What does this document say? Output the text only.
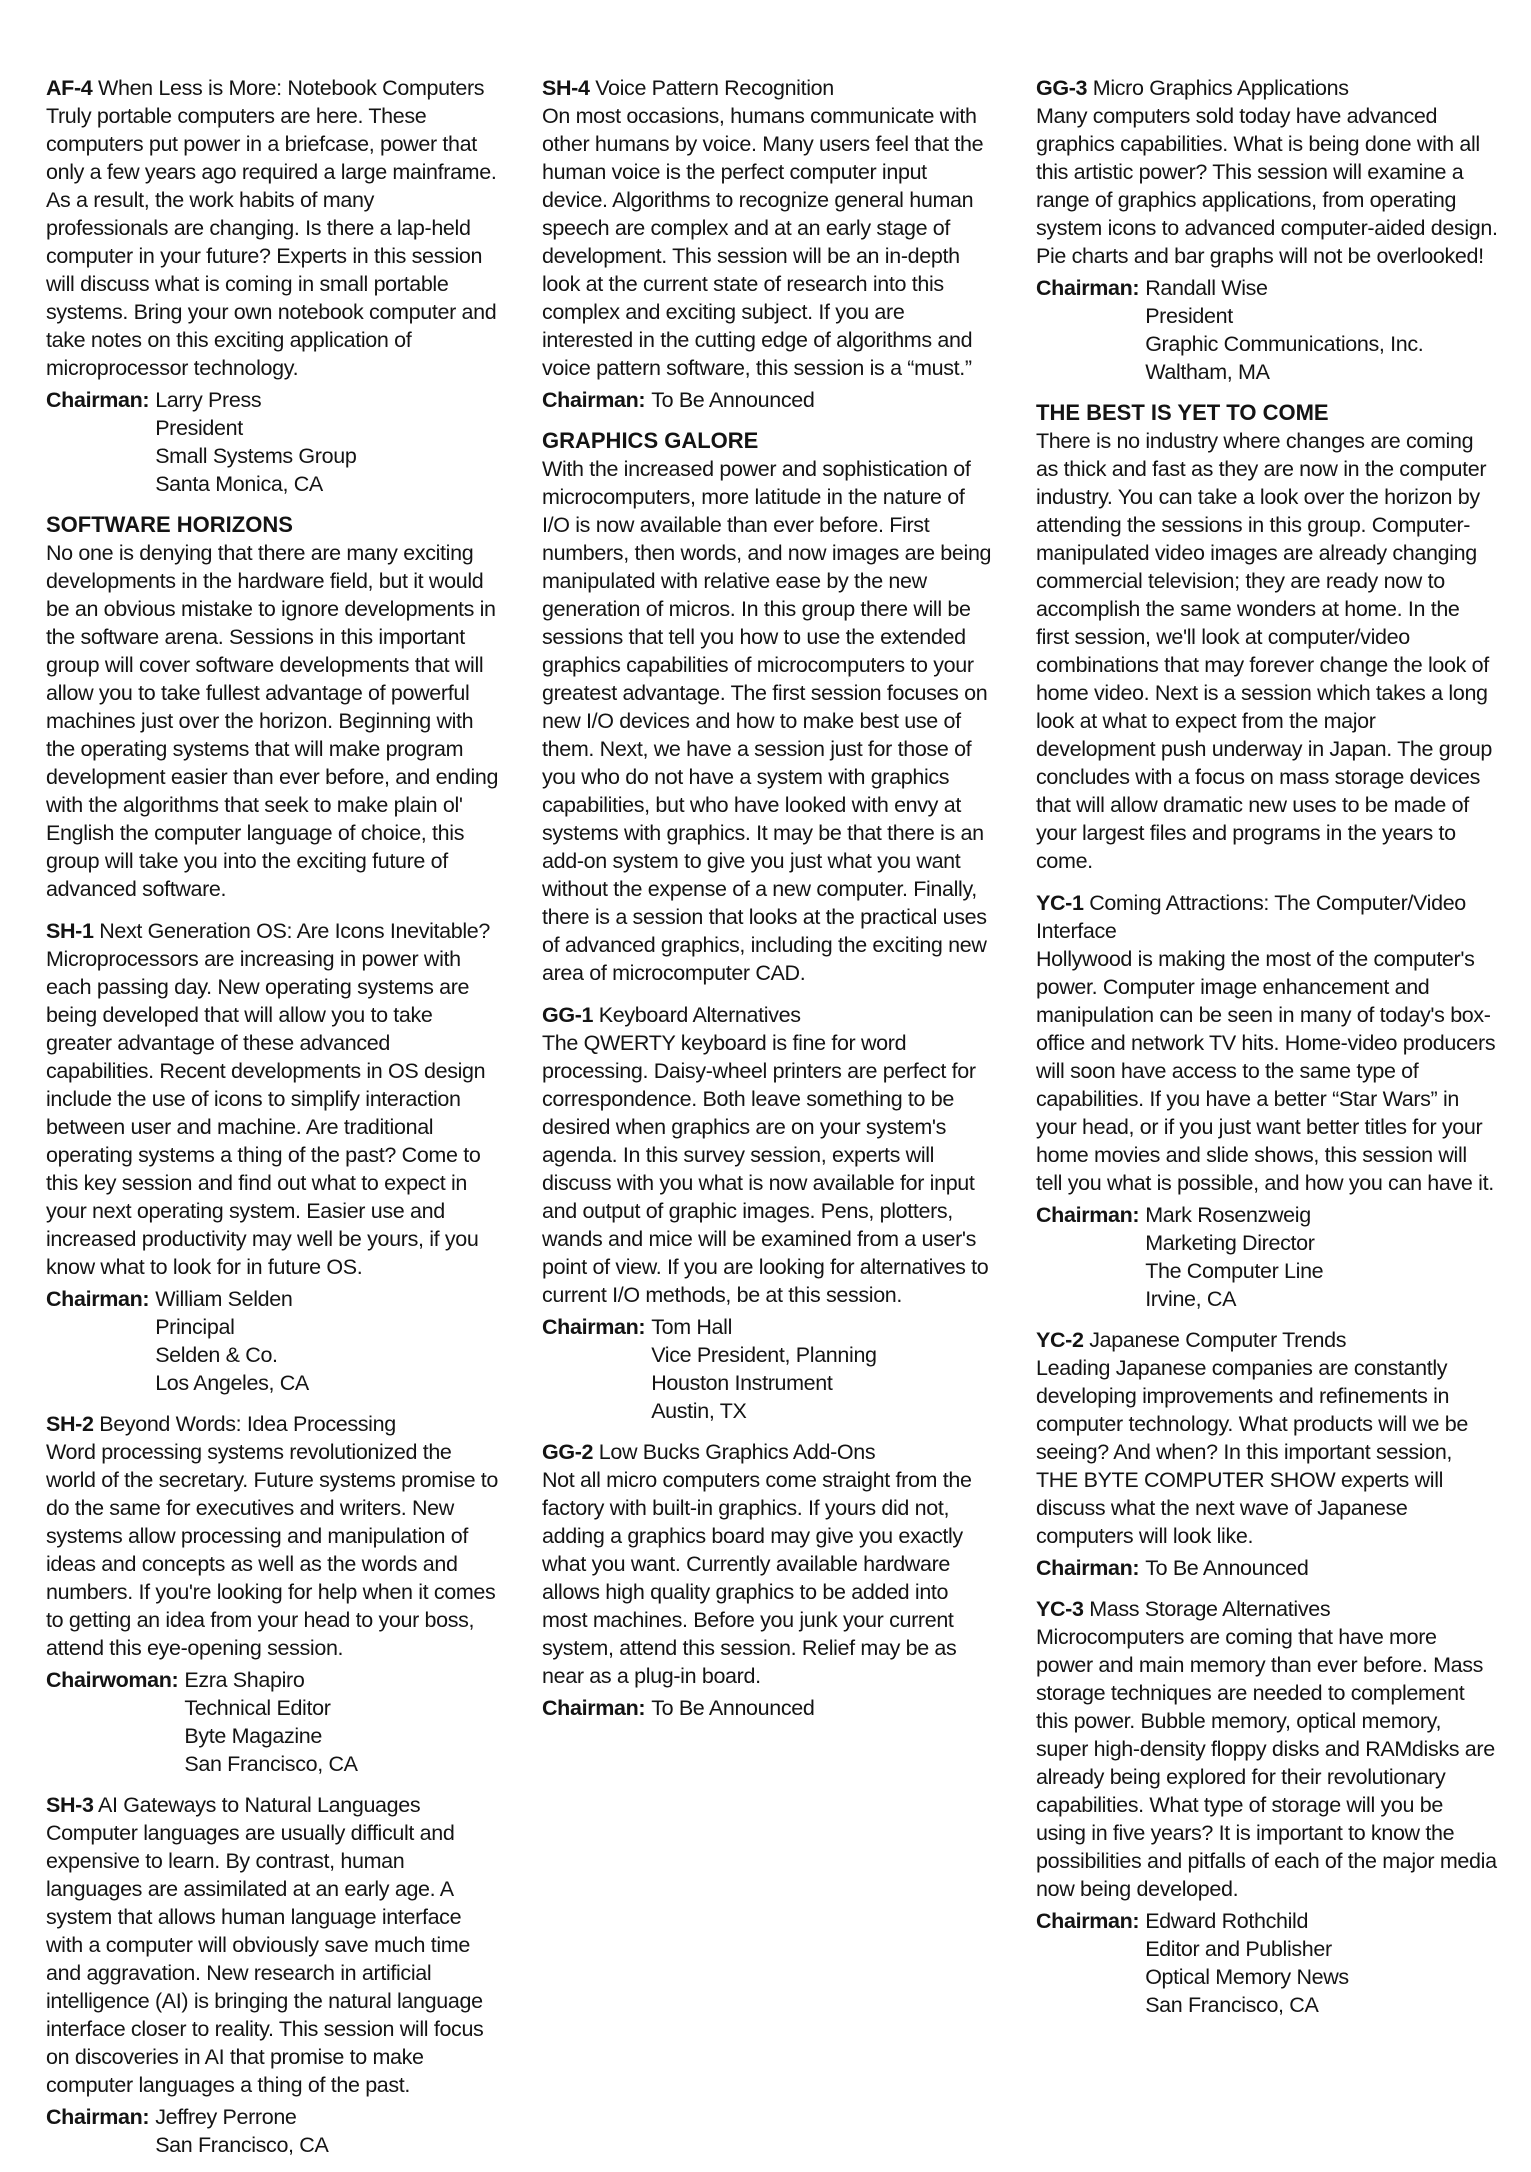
AF-4 When Less is More: Notebook Computers
Truly portable computers are here. These computers put power in a briefcase, power that only a few years ago required a large mainframe. As a result, the work habits of many professionals are changing. Is there a lap-held computer in your future? Experts in this session will discuss what is coming in small portable systems. Bring your own notebook computer and take notes on this exciting application of microprocessor technology.
Chairman: Larry Press
President
Small Systems Group
Santa Monica, CA
SOFTWARE HORIZONS
No one is denying that there are many exciting developments in the hardware field, but it would be an obvious mistake to ignore developments in the software arena. Sessions in this important group will cover software developments that will allow you to take fullest advantage of powerful machines just over the horizon. Beginning with the operating systems that will make program development easier than ever before, and ending with the algorithms that seek to make plain ol' English the computer language of choice, this group will take you into the exciting future of advanced software.
SH-1 Next Generation OS: Are Icons Inevitable?
Microprocessors are increasing in power with each passing day. New operating systems are being developed that will allow you to take greater advantage of these advanced capabilities. Recent developments in OS design include the use of icons to simplify interaction between user and machine. Are traditional operating systems a thing of the past? Come to this key session and find out what to expect in your next operating system. Easier use and increased productivity may well be yours, if you know what to look for in future OS.
Chairman: William Selden
Principal
Selden & Co.
Los Angeles, CA
SH-2 Beyond Words: Idea Processing
Word processing systems revolutionized the world of the secretary. Future systems promise to do the same for executives and writers. New systems allow processing and manipulation of ideas and concepts as well as the words and numbers. If you're looking for help when it comes to getting an idea from your head to your boss, attend this eye-opening session.
Chairwoman: Ezra Shapiro
Technical Editor
Byte Magazine
San Francisco, CA
SH-3 AI Gateways to Natural Languages
Computer languages are usually difficult and expensive to learn. By contrast, human languages are assimilated at an early age. A system that allows human language interface with a computer will obviously save much time and aggravation. New research in artificial intelligence (AI) is bringing the natural language interface closer to reality. This session will focus on discoveries in AI that promise to make computer languages a thing of the past.
Chairman: Jeffrey Perrone
San Francisco, CA
SH-4 Voice Pattern Recognition
On most occasions, humans communicate with other humans by voice. Many users feel that the human voice is the perfect computer input device. Algorithms to recognize general human speech are complex and at an early stage of development. This session will be an in-depth look at the current state of research into this complex and exciting subject. If you are interested in the cutting edge of algorithms and voice pattern software, this session is a “must.”
Chairman: To Be Announced
GRAPHICS GALORE
With the increased power and sophistication of microcomputers, more latitude in the nature of I/O is now available than ever before. First numbers, then words, and now images are being manipulated with relative ease by the new generation of micros. In this group there will be sessions that tell you how to use the extended graphics capabilities of microcomputers to your greatest advantage. The first session focuses on new I/O devices and how to make best use of them. Next, we have a session just for those of you who do not have a system with graphics capabilities, but who have looked with envy at systems with graphics. It may be that there is an add-on system to give you just what you want without the expense of a new computer. Finally, there is a session that looks at the practical uses of advanced graphics, including the exciting new area of microcomputer CAD.
GG-1 Keyboard Alternatives
The QWERTY keyboard is fine for word processing. Daisy-wheel printers are perfect for correspondence. Both leave something to be desired when graphics are on your system's agenda. In this survey session, experts will discuss with you what is now available for input and output of graphic images. Pens, plotters, wands and mice will be examined from a user's point of view. If you are looking for alternatives to current I/O methods, be at this session.
Chairman: Tom Hall
Vice President, Planning
Houston Instrument
Austin, TX
GG-2 Low Bucks Graphics Add-Ons
Not all micro computers come straight from the factory with built-in graphics. If yours did not, adding a graphics board may give you exactly what you want. Currently available hardware allows high quality graphics to be added into most machines. Before you junk your current system, attend this session. Relief may be as near as a plug-in board.
Chairman: To Be Announced
GG-3 Micro Graphics Applications
Many computers sold today have advanced graphics capabilities. What is being done with all this artistic power? This session will examine a range of graphics applications, from operating system icons to advanced computer-aided design. Pie charts and bar graphs will not be overlooked!
Chairman: Randall Wise
President
Graphic Communications, Inc.
Waltham, MA
THE BEST IS YET TO COME
There is no industry where changes are coming as thick and fast as they are now in the computer industry. You can take a look over the horizon by attending the sessions in this group. Computer-manipulated video images are already changing commercial television; they are ready now to accomplish the same wonders at home. In the first session, we'll look at computer/video combinations that may forever change the look of home video. Next is a session which takes a long look at what to expect from the major development push underway in Japan. The group concludes with a focus on mass storage devices that will allow dramatic new uses to be made of your largest files and programs in the years to come.
YC-1 Coming Attractions: The Computer/Video Interface
Hollywood is making the most of the computer's power. Computer image enhancement and manipulation can be seen in many of today's box-office and network TV hits. Home-video producers will soon have access to the same type of capabilities. If you have a better “Star Wars” in your head, or if you just want better titles for your home movies and slide shows, this session will tell you what is possible, and how you can have it.
Chairman: Mark Rosenzweig
Marketing Director
The Computer Line
Irvine, CA
YC-2 Japanese Computer Trends
Leading Japanese companies are constantly developing improvements and refinements in computer technology. What products will we be seeing? And when? In this important session, THE BYTE COMPUTER SHOW experts will discuss what the next wave of Japanese computers will look like.
Chairman: To Be Announced
YC-3 Mass Storage Alternatives
Microcomputers are coming that have more power and main memory than ever before. Mass storage techniques are needed to complement this power. Bubble memory, optical memory, super high-density floppy disks and RAMdisks are already being explored for their revolutionary capabilities. What type of storage will you be using in five years? It is important to know the possibilities and pitfalls of each of the major media now being developed.
Chairman: Edward Rothchild
Editor and Publisher
Optical Memory News
San Francisco, CA
